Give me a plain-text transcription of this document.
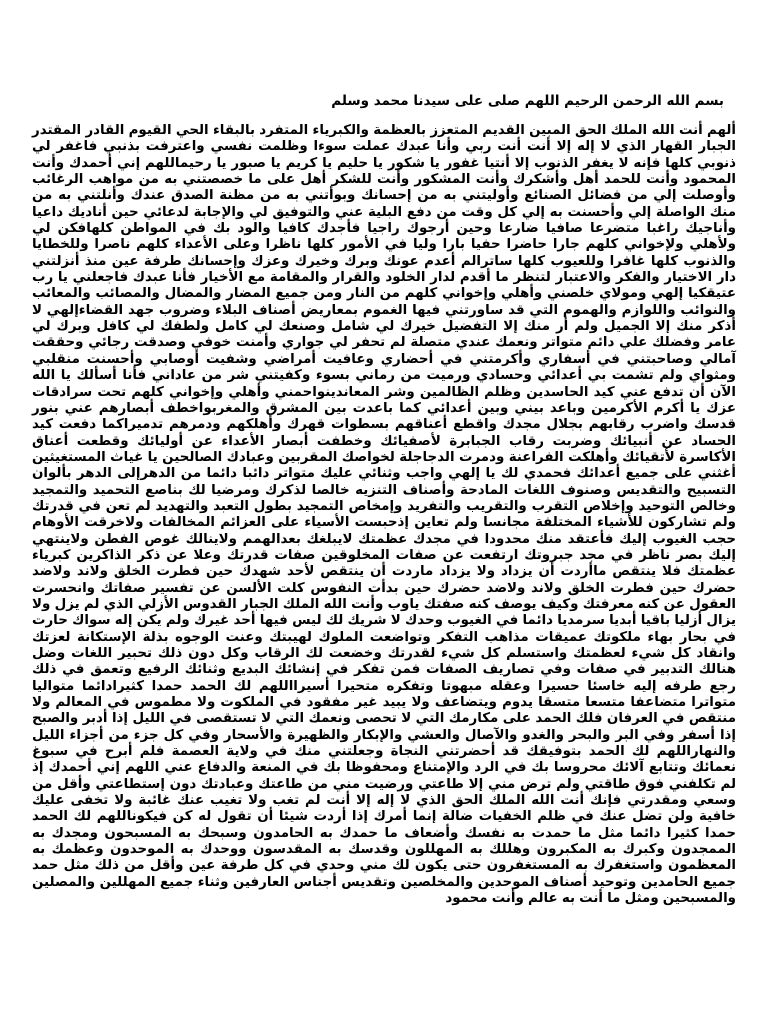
بسم الله الرحمن الرحيم اللهم صلى على سيدنا محمد وسلم

ألهم أنت الله الملك الحق المبين القديم المتعزز بالعظمة والكبرياء المتفرد بالبقاء الحي القيوم القادر المقتدر الجبار القهار الذي لا إله إلا أنت أنت ربي وأنا عبدك عملت سوءا وظلمت نفسي واعترفت بذنبي فاغفر لي ذنوبي كلها فإنه لا يغفر الذنوب إلا أنتيا غفور يا شكور يا حليم يا كريم يا صبور يا رحيماللهم إني أحمدك وأنت المحمود وأنت للحمد أهل وأشكرك وأنت المشكور وأنت للشكر أهل على ما خصصتني به من مواهب الرغائب وأوصلت إلي من فضائل الصنائع وأوليتني به من إحسانك وبوأتني به من مظنة الصدق عندك وأنلتني به من منك الواصلة إلي وأحسنت به إلي كل وقت من دفع البلية عني والتوفيق لي والإجابة لدعائي حين أناديك داعيا وأناجيك راغبا متضرعا صافيا ضارعا وحين أرجوك راجيا فأجدك كافيا والود بك في المواطن كلهافكن لي ولأهلي ولإخواني كلهم جارا حاضرا حفيا بارا وليا في الأمور كلها ناظرا وعلى الأعداء كلهم ناصرا وللخطايا والذنوب كلها غافرا وللعيوب كلها ساترالم أعدم عونك وبرك وخيرك وعزك وإحسانك طرفة عين منذ أنزلتني دار الاختيار والفكر والاعتبار لتنظر ما أقدم لدار الخلود والقرار والمقامة مع الأخيار فأنا عبدك فاجعلني يا رب عتيقكيا إلهي ومولاي خلصني وأهلي وإخواني كلهم من النار ومن جميع المضار والمضال والمصائب والمعائب والنوائب واللوازم والهموم التي قد ساورتني فيها الغموم بمعاريض أصناف البلاء وضروب جهد القضاءإلهي لا أذكر منك إلا الجميل ولم أر منك إلا التفضيل خيرك لي شامل وصنعك لي كامل ولطفك لي كافل وبرك لي عامر وفضلك علي دائم متواتر ونعمك عندي متصلة لم تحفر لي جواري وأمنت خوفي وصدقت رجائي وحققت آمالي وصاحبتني في أسفاري وأكرمتني في أحضاري وعافيت أمراضي وشفيت أوصابي وأحسنت منقلبي ومثواي ولم تشمت بي أعدائي وحسادي ورميت من رماني بسوء وكفيتني شر من عاداني فأنا أسألك يا الله الآن أن تدفع عني كيد الحاسدين وظلم الظالمين وشر المعاندينواحمني وأهلي وإخواني كلهم تحت سرادقات عزك يا أكرم الأكرمين وباعد بيني وبين أعدائي كما باعدت بين المشرق والمغربواخطف أبصارهم عني بنور قدسك واضرب رقابهم بجلال مجدك واقطع أعناقهم بسطوات قهرك وأهلكهم ودمرهم تدميراكما دفعت كيد الحساد عن أنبيائك وضربت رقاب الجبابرة لأصفيائك وخطفت أبصار الأعداء عن أوليائك وقطعت أعناق الأكاسرة لأتقيائك وأهلكت الفراعنة ودمرت الدجاجلة لخواصك المقربين وعبادك الصالحين يا غياث المستغيثين أغثني على جميع أعدائك فحمدي لك يا إلهي واجب وثنائي عليك متواتر دائبا دائما من الدهرإلى الدهر بألوان التسبيح والتقديس وصنوف اللغات المادحة وأصناف التنزيه خالصا لذكرك ومرضيا لك بناصع التحميد والتمجيد وخالص التوحيد وإخلاص التقرب والتقريب والتفريد وإمخاص التمجيد بطول التعبد والتهديد لم تعن في قدرتك ولم تشاركون للأشياء المختلفة مجانسا ولم تعاين إذحبست الأسياء على العزائم المخالفات ولاخرقت الأوهام حجب الغيوب إليك فأعتقد منك محدودا في مجدك عظمتك لايبلغك بعدالهمم ولاينالك غوص الفطن ولاينتهي إليك بصر ناظر في مجد جبروتك ارتفعت عن صفات المخلوقين صفات قدرتك وعلا عن ذكر الذاكرين كبرياء عظمتك فلا ينتقص ماأردت أن يزداد ولا يزداد ماردت أن ينتقص لأحد شهدك حين فطرت الخلق ولاند ولاضد حضرك حين فطرت الخلق ولاند ولاضد حضرك حين بدأت النفوس كلت الألسن عن تفسير صفاتك وانحسرت العقول عن كنه معرفتك وكيف يوصف كنه صفتك ياوب وأنت الله الملك الجبار القدوس الأزلي الذي لم يزل ولا يزال أزليا باقيا أبديا سرمديا دائما في الغيوب وحدك لا شريك لك ليس فيها أحد غيرك ولم يكن إله سواك حارت في بحار بهاء ملكوتك عميقات مذاهب التفكر وتواضعت الملوك لهيبتك وعنت الوجوه بذلة الإستكانة لعزتك وانقاد كل شيء لعظمتك واستسلم كل شيء لقدرتك وخضعت لك الرقاب وكل دون ذلك تحبير اللغات وضل هنالك التدبير في صفات وفي تصاريف الصفات فمن تفكر في إنشائك البديع وثنائك الرفيع وتعمق في ذلك رجع طرفه إليه خاسئا حسيرا وعقله مبهوتا وتفكره متحيرا أسيرااللهم لك الحمد حمدا كثيرادائما متواليا متواترا متضاعفا متسعا متسقا يدوم ويتضاعف ولا يبيد غير مفقود في الملكوت ولا مطموس في المعالم ولا منتقص في العرفان فلك الحمد على مكارمك التي لا تحصى ونعمك التي لا تستقصى في الليل إذا أدبر والصبح إذا أسفر وفي البر والبحر والغدو والآصال والعشي والإبكار والظهيرة والأسحار وفي كل جزء من أجزاء الليل والنهاراللهم لك الحمد بتوفيقك قد أحضرتني النجاة وجعلتني منك في ولاية العصمة فلم أبرح في سبوغ نعمائك وتتابع آلائك محروسا بك في الرد والإمتناع ومحفوظا بك في المنعة والدفاع عني اللهم إني أحمدك إذ لم تكلفني فوق طاقتي ولم ترض مني إلا طاعتي ورضيت مني من طاعتك وعبادتك دون إستطاعتي وأقل من وسعي ومقدرتي فإنك أنت الله الملك الحق الذي لا إله إلا أنت لم تغب ولا تغيب عنك غائبة ولا تخفى عليك خافية ولن تضل عنك في ظلم الخفيات ضالة إنما أمرك إذا أردت شيئا أن تقول له كن فيكوناللهم لك الحمد حمدا كثيرا دائما مثل ما حمدت به نفسك وأضعاف ما حمدك به الحامدون وسبحك به المسبحون ومجدك به الممجدون وكبرك به المكبرون وهللك به المهللون وقدسك به المقدسون ووحدك به الموحدون وعظمك به المعظمون واستغفرك به المستغفرون حتى يكون لك مني وحدي في كل طرفة عين وأقل من ذلك مثل حمد جميع الحامدين وتوحيد أصناف الموحدين والمخلصين وتقديس أجناس العارفين وثناء جميع المهللين والمصلين والمسبحين ومثل ما أنت به عالم وأنت محمود
